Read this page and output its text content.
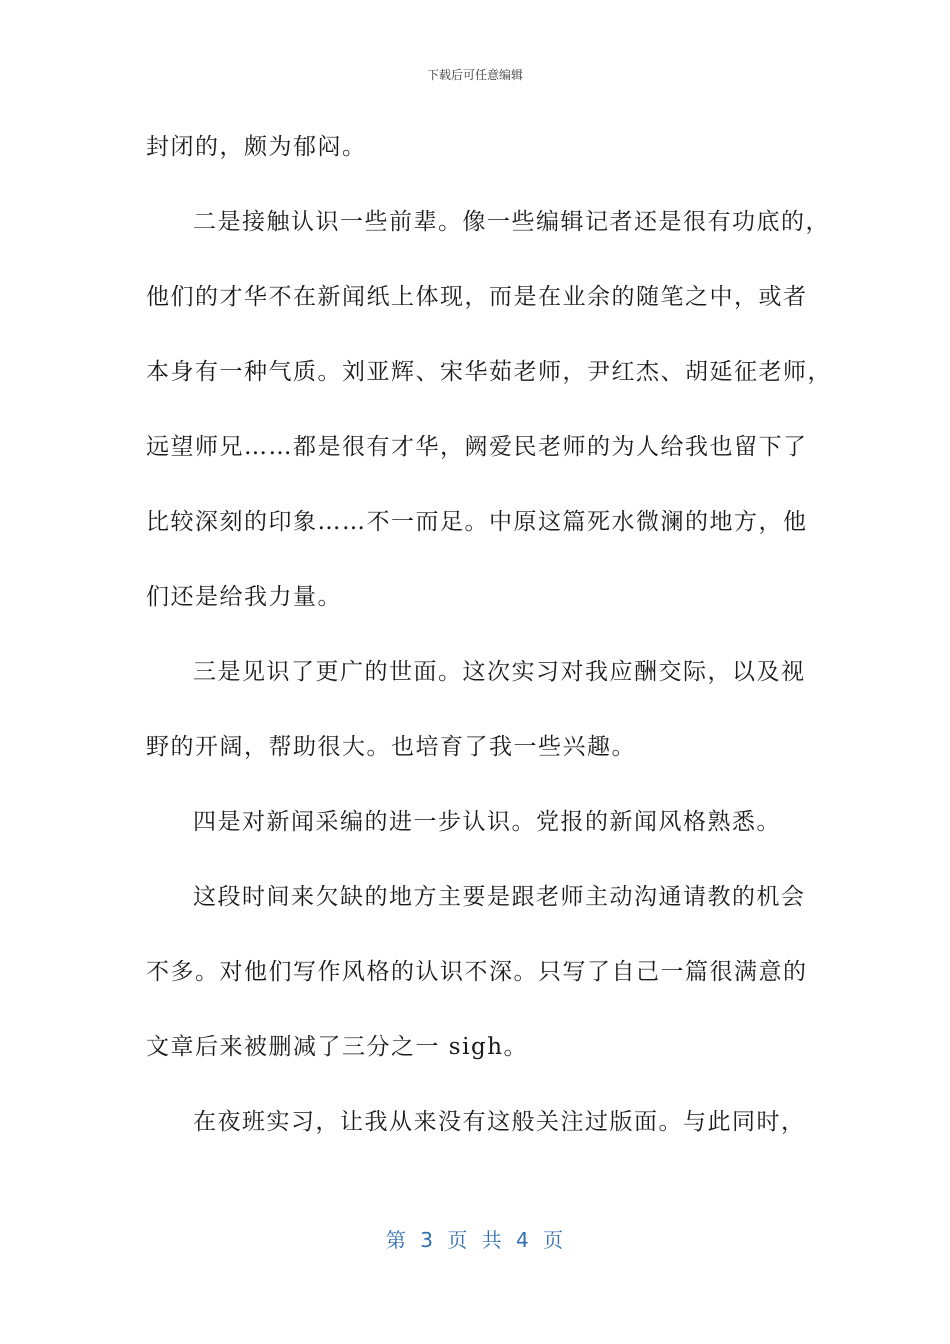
下载后可任意编辑
封闭的，颇为郁闷。
二是接触认识一些前辈。像一些编辑记者还是很有功底的，
他们的才华不在新闻纸上体现，而是在业余的随笔之中，或者
本身有一种气质。刘亚辉、宋华茹老师，尹红杰、胡延征老师，
远望师兄……都是很有才华，阙爱民老师的为人给我也留下了
比较深刻的印象……不一而足。中原这篇死水微澜的地方，他
们还是给我力量。
三是见识了更广的世面。这次实习对我应酬交际，以及视
野的开阔，帮助很大。也培育了我一些兴趣。
四是对新闻采编的进一步认识。党报的新闻风格熟悉。
这段时间来欠缺的地方主要是跟老师主动沟通请教的机会
不多。对他们写作风格的认识不深。只写了自己一篇很满意的
文章后来被删减了三分之一 sigh。
在夜班实习，让我从来没有这般关注过版面。与此同时，
第 3 页 共 4 页
